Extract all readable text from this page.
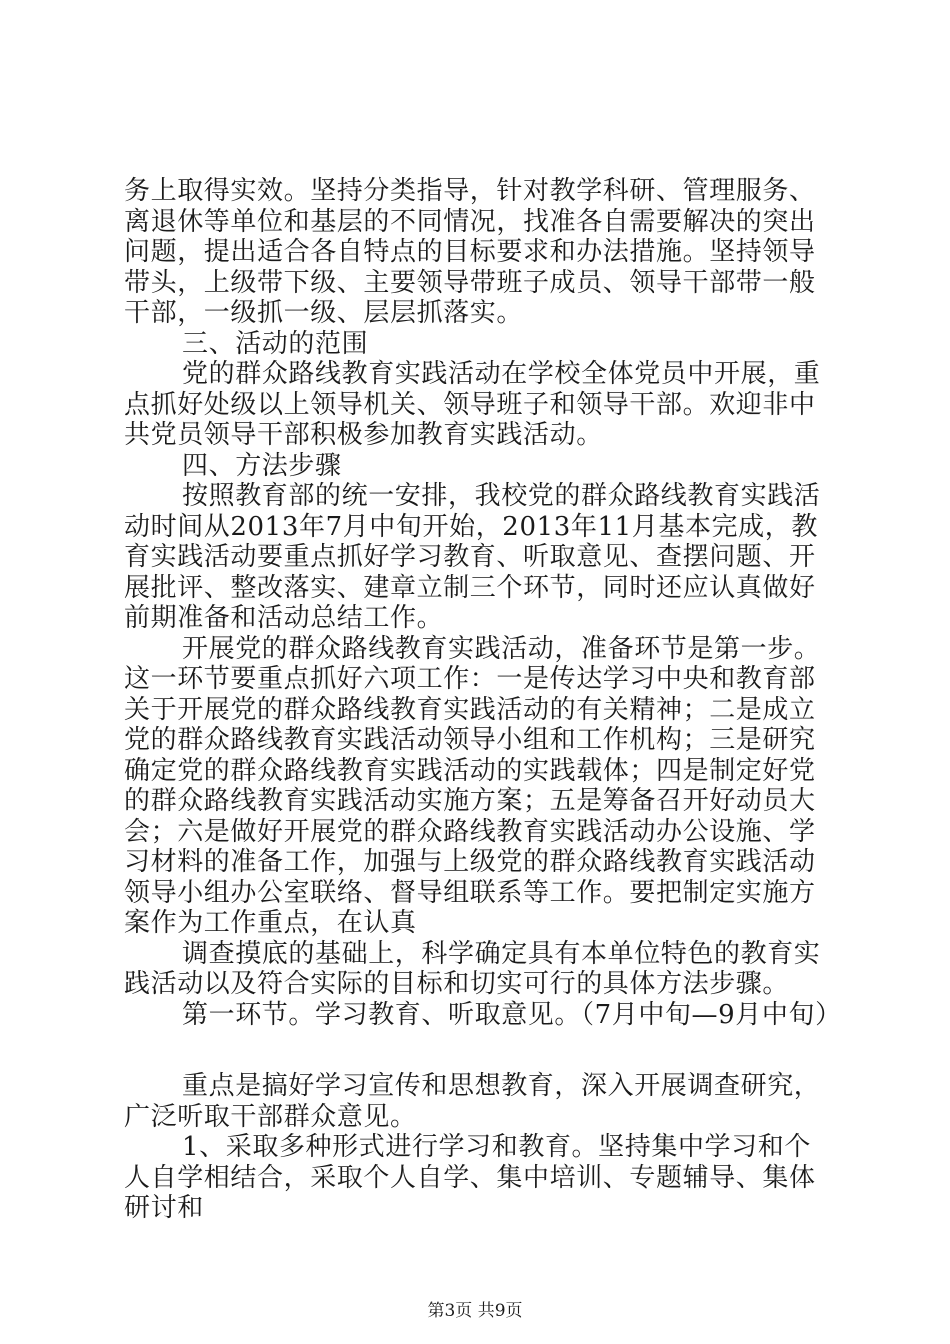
务上取得实效。坚持分类指导，针对教学科研、管理服务、离退休等单位和基层的不同情况，找准各自需要解决的突出问题，提出适合各自特点的目标要求和办法措施。坚持领导带头，上级带下级、主要领导带班子成员、领导干部带一般干部，一级抓一级、层层抓落实。

三、活动的范围

党的群众路线教育实践活动在学校全体党员中开展，重点抓好处级以上领导机关、领导班子和领导干部。欢迎非中共党员领导干部积极参加教育实践活动。

四、方法步骤

按照教育部的统一安排，我校党的群众路线教育实践活动时间从2013年7月中旬开始，2013年11月基本完成，教育实践活动要重点抓好学习教育、听取意见、查摆问题、开展批评、整改落实、建章立制三个环节，同时还应认真做好前期准备和活动总结工作。

开展党的群众路线教育实践活动，准备环节是第一步。这一环节要重点抓好六项工作：一是传达学习中央和教育部关于开展党的群众路线教育实践活动的有关精神；二是成立党的群众路线教育实践活动领导小组和工作机构；三是研究确定党的群众路线教育实践活动的实践载体；四是制定好党的群众路线教育实践活动实施方案；五是筹备召开好动员大会；六是做好开展党的群众路线教育实践活动办公设施、学习材料的准备工作，加强与上级党的群众路线教育实践活动领导小组办公室联络、督导组联系等工作。要把制定实施方案作为工作重点，在认真

调查摸底的基础上，科学确定具有本单位特色的教育实践活动以及符合实际的目标和切实可行的具体方法步骤。

第一环节。学习教育、听取意见。（7月中旬—9月中旬）

重点是搞好学习宣传和思想教育，深入开展调查研究，广泛听取干部群众意见。

1、采取多种形式进行学习和教育。坚持集中学习和个人自学相结合，采取个人自学、集中培训、专题辅导、集体研讨和

第3页 共9页
